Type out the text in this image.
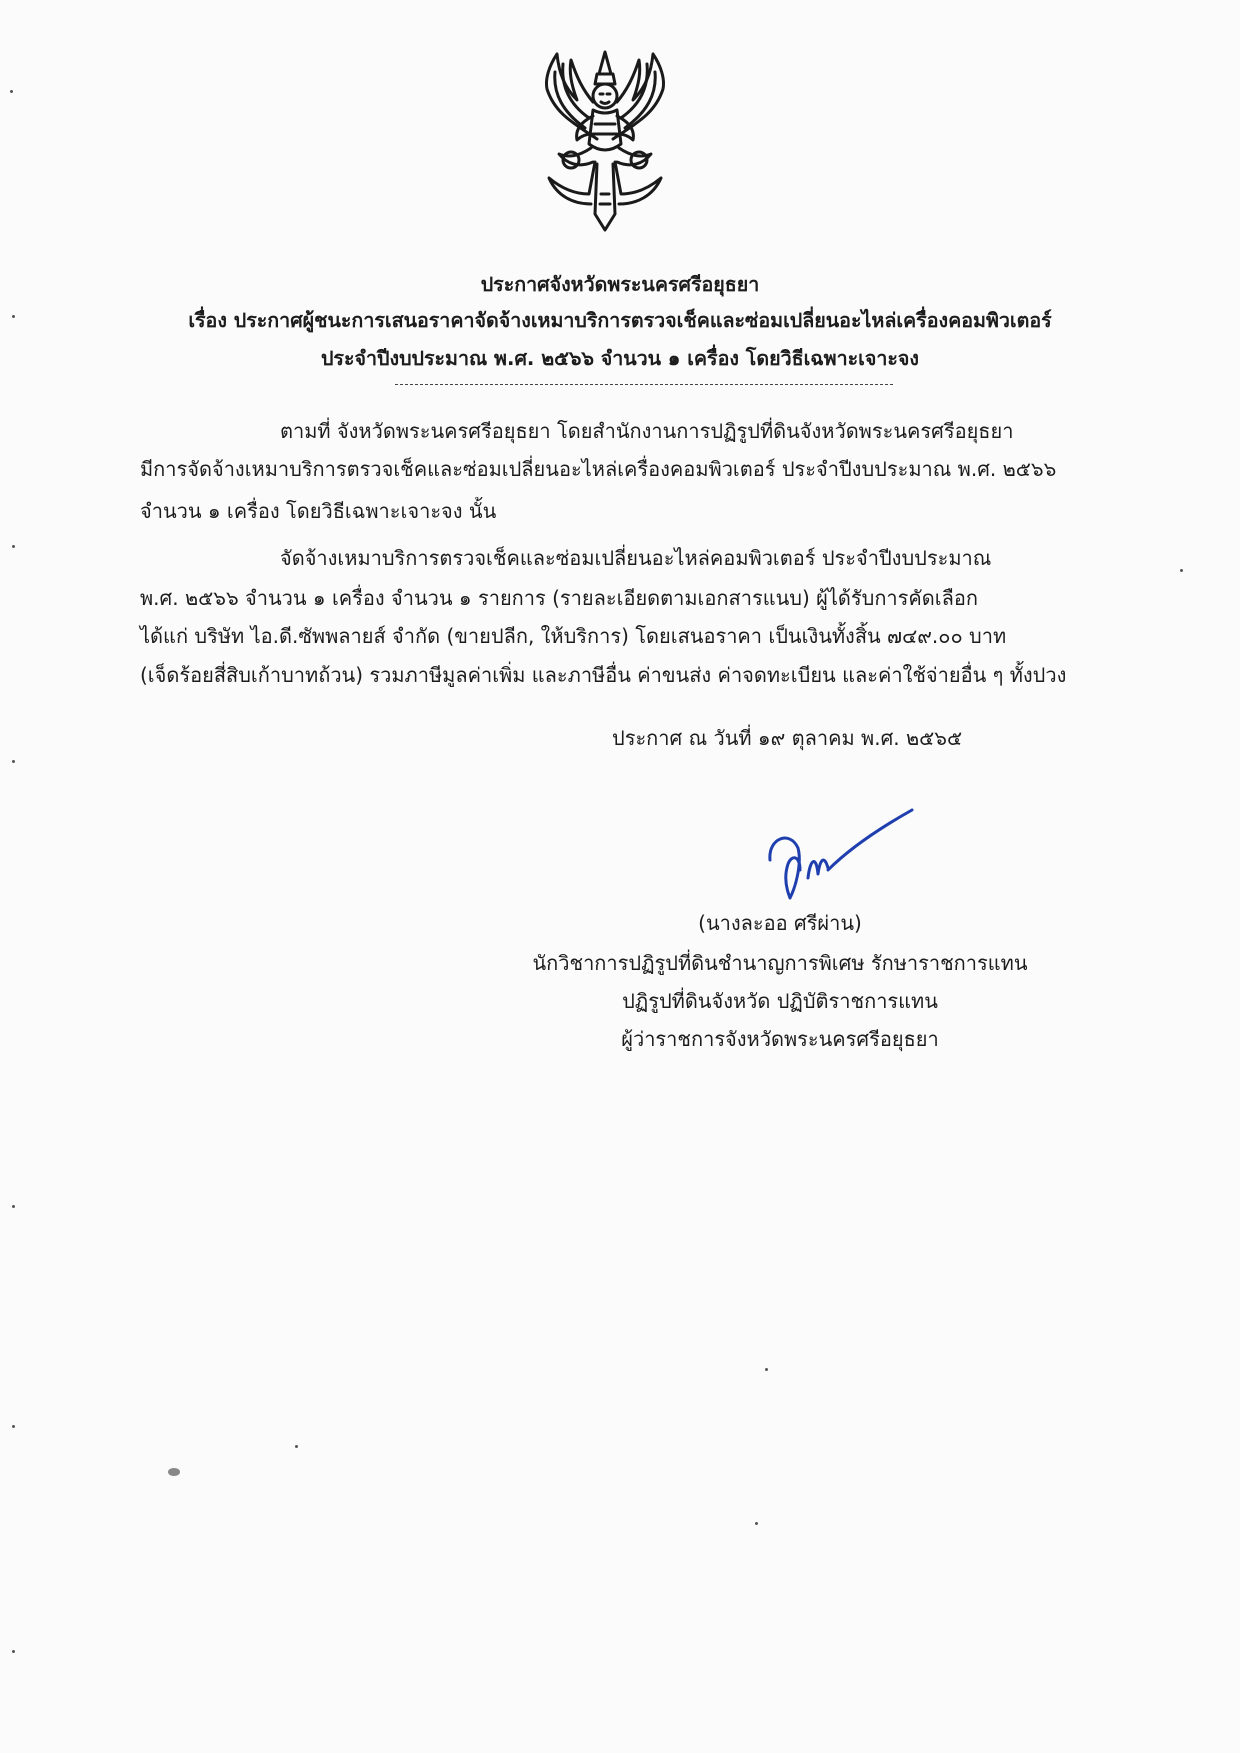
ประกาศจังหวัดพระนครศรีอยุธยา
เรื่อง ประกาศผู้ชนะการเสนอราคาจัดจ้างเหมาบริการตรวจเช็คและซ่อมเปลี่ยนอะไหล่เครื่องคอมพิวเตอร์
ประจำปีงบประมาณ พ.ศ. ๒๕๖๖ จำนวน ๑ เครื่อง โดยวิธีเฉพาะเจาะจง
ตามที่ จังหวัดพระนครศรีอยุธยา โดยสำนักงานการปฏิรูปที่ดินจังหวัดพระนครศรีอยุธยา
มีการจัดจ้างเหมาบริการตรวจเช็คและซ่อมเปลี่ยนอะไหล่เครื่องคอมพิวเตอร์ ประจำปีงบประมาณ พ.ศ. ๒๕๖๖
จำนวน ๑ เครื่อง โดยวิธีเฉพาะเจาะจง นั้น
จัดจ้างเหมาบริการตรวจเช็คและซ่อมเปลี่ยนอะไหล่คอมพิวเตอร์ ประจำปีงบประมาณ
พ.ศ. ๒๕๖๖ จำนวน ๑ เครื่อง จำนวน ๑ รายการ (รายละเอียดตามเอกสารแนบ) ผู้ได้รับการคัดเลือก
ได้แก่ บริษัท ไอ.ดี.ซัพพลายส์ จำกัด (ขายปลีก, ให้บริการ) โดยเสนอราคา เป็นเงินทั้งสิ้น ๗๔๙.๐๐ บาท
(เจ็ดร้อยสี่สิบเก้าบาทถ้วน) รวมภาษีมูลค่าเพิ่ม และภาษีอื่น ค่าขนส่ง ค่าจดทะเบียน และค่าใช้จ่ายอื่น ๆ ทั้งปวง
ประกาศ ณ วันที่ ๑๙ ตุลาคม พ.ศ. ๒๕๖๕
(นางละออ ศรีผ่าน)
นักวิชาการปฏิรูปที่ดินชำนาญการพิเศษ รักษาราชการแทน
ปฏิรูปที่ดินจังหวัด ปฏิบัติราชการแทน
ผู้ว่าราชการจังหวัดพระนครศรีอยุธยา
